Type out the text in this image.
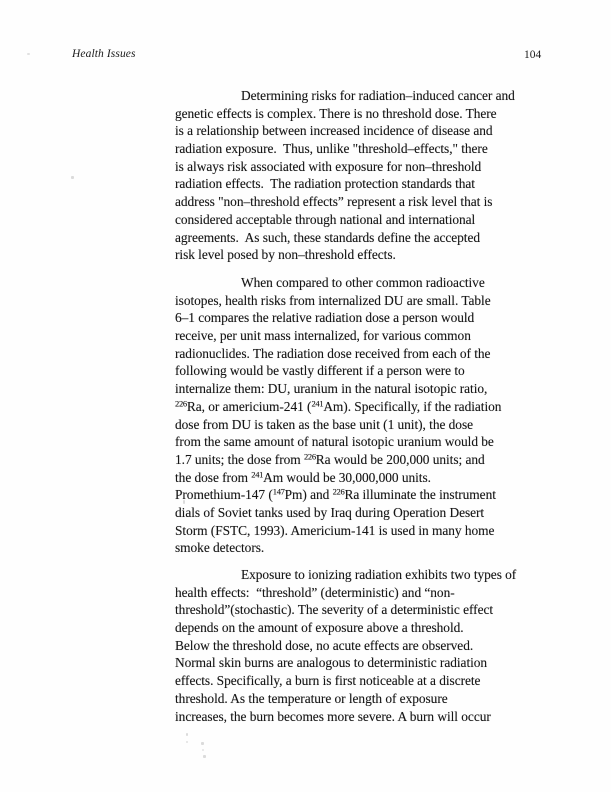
Health Issues	104
Determining risks for radiation–induced cancer and
genetic effects is complex. There is no threshold dose. There
is a relationship between increased incidence of disease and
radiation exposure.  Thus, unlike "threshold–effects," there
is always risk associated with exposure for non–threshold
radiation effects.  The radiation protection standards that
address "non–threshold effects” represent a risk level that is
considered acceptable through national and international
agreements.  As such, these standards define the accepted
risk level posed by non–threshold effects.
When compared to other common radioactive
isotopes, health risks from internalized DU are small. Table
6–1 compares the relative radiation dose a person would
receive, per unit mass internalized, for various common
radionuclides. The radiation dose received from each of the
following would be vastly different if a person were to
internalize them: DU, uranium in the natural isotopic ratio,
$^{226}$Ra, or americium-241 ($^{241}$Am). Specifically, if the radiation
dose from DU is taken as the base unit (1 unit), the dose
from the same amount of natural isotopic uranium would be
1.7 units; the dose from $^{226}$Ra would be 200,000 units; and
the dose from $^{241}$Am would be 30,000,000 units.
Promethium-147 ($^{147}$Pm) and $^{226}$Ra illuminate the instrument
dials of Soviet tanks used by Iraq during Operation Desert
Storm (FSTC, 1993). Americium-141 is used in many home
smoke detectors.
Exposure to ionizing radiation exhibits two types of
health effects:  “threshold” (deterministic) and “non-
threshold”(stochastic). The severity of a deterministic effect
depends on the amount of exposure above a threshold.
Below the threshold dose, no acute effects are observed.
Normal skin burns are analogous to deterministic radiation
effects. Specifically, a burn is first noticeable at a discrete
threshold. As the temperature or length of exposure
increases, the burn becomes more severe. A burn will occur
